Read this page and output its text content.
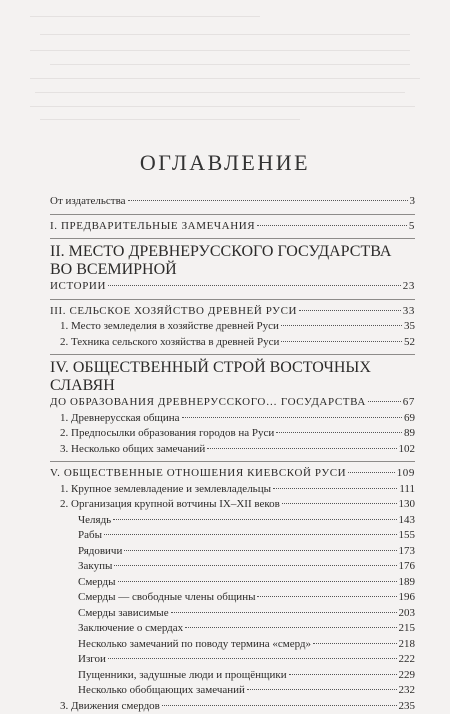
ОГЛАВЛЕНИЕ
От издательства	3
I. ПРЕДВАРИТЕЛЬНЫЕ ЗАМЕЧАНИЯ	5
II. МЕСТО ДРЕВНЕРУССКОГО ГОСУДАРСТВА ВО ВСЕМИРНОЙ
ИСТОРИИ	23
III. СЕЛЬСКОЕ ХОЗЯЙСТВО ДРЕВНЕЙ РУСИ	33
1. Место земледелия в хозяйстве древней Руси	35
2. Техника сельского хозяйства в древней Руси	52
IV. ОБЩЕСТВЕННЫЙ СТРОЙ ВОСТОЧНЫХ СЛАВЯН
ДО ОБРАЗОВАНИЯ ДРЕВНЕРУССКОГО… ГОСУДАРСТВА	67
1. Древнерусская община	69
2. Предпосылки образования городов на Руси	89
3. Несколько общих замечаний	102
V. ОБЩЕСТВЕННЫЕ ОТНОШЕНИЯ КИЕВСКОЙ РУСИ	109
1. Крупное землевладение и землевладельцы	111
2. Организация крупной вотчины IX–XII веков	130
Челядь	143
Рабы	155
Рядовичи	173
Закупы	176
Смерды	189
Смерды — свободные члены общины	196
Смерды зависимые	203
Заключение о смердах	215
Несколько замечаний по поводу термина «смерд»	218
Изгои	222
Пущенники, задушные люди и прощёнщики	229
Несколько обобщающих замечаний	232
3. Движения смердов	235
